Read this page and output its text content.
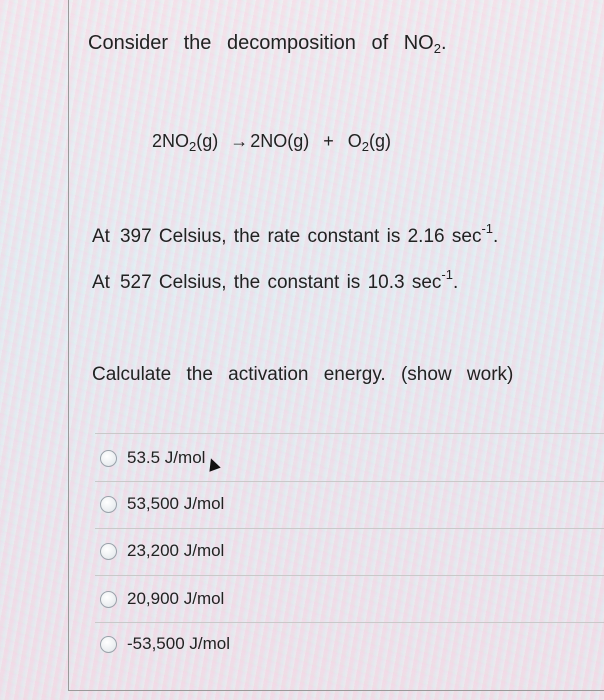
Consider the decomposition of $NO_2$.
$2NO_2(g) \to 2NO(g) + O_2(g)$
At 397 Celsius, the rate constant is 2.16 $\sec^{-1}$.
At 527 Celsius, the constant is 10.3 $\sec^{-1}$.
Calculate the activation energy. (show work)
53.5 J/mol
53,500 J/mol
23,200 J/mol
20,900 J/mol
-53,500 J/mol
